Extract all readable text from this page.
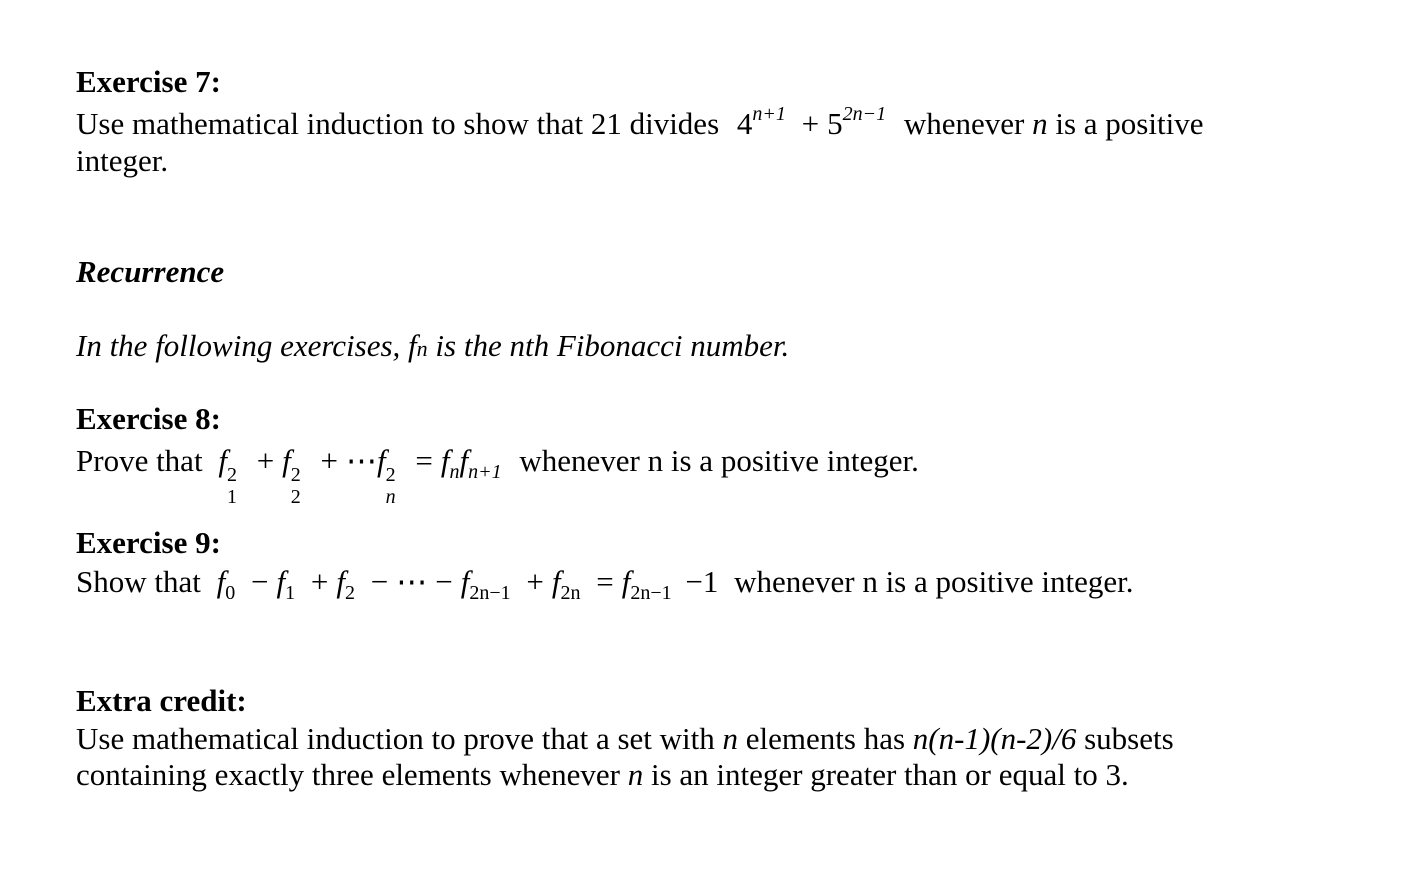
Exercise 7:
Use mathematical induction to show that 21 divides $4^{n+1} + 5^{2n-1}$ whenever n is a positive
integer.
Recurrence
In the following exercises, fn is the nth Fibonacci number.
Exercise 8:
Prove that f 2
1
+ f 2
2
+ ⋯f 2
n
= $f_nf_{n+1}$ whenever n is a positive integer.
Exercise 9:
Show that $f_0 - f_1 + f_2$ − ⋯ − $f_{2n-1} + f_{2n} = f_{2n-1} -1$ whenever n is a positive integer.
Extra credit:
Use mathematical induction to prove that a set with n elements has n(n-1)(n-2)/6 subsets
containing exactly three elements whenever n is an integer greater than or equal to 3.
